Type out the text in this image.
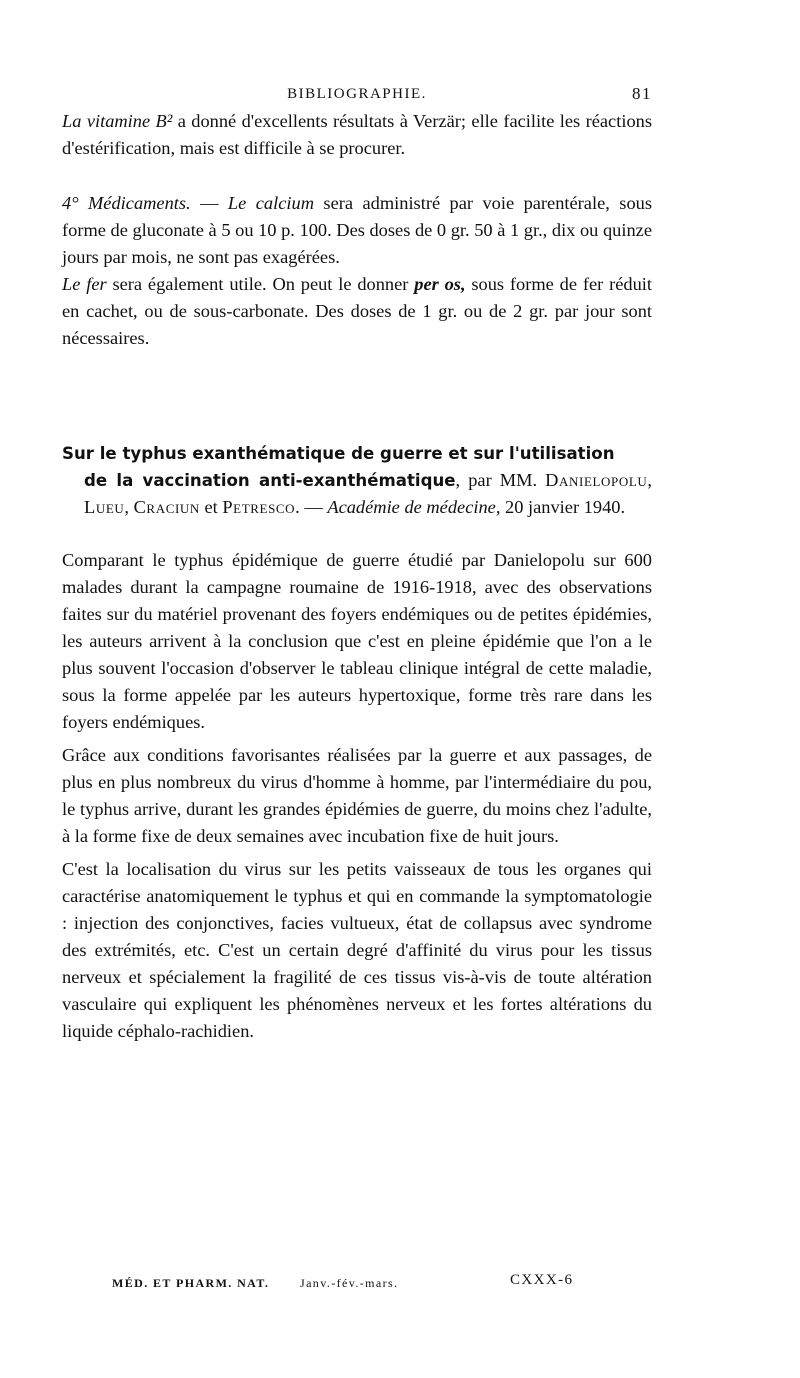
BIBLIOGRAPHIE.	81

La vitamine B² a donné d'excellents résultats à Verzär; elle facilite les réactions d'estérification, mais est difficile à se procurer.

4° Médicaments. — Le calcium sera administré par voie parentérale, sous forme de gluconate à 5 ou 10 p. 100. Des doses de 0 gr. 50 à 1 gr., dix ou quinze jours par mois, ne sont pas exagérées.

Le fer sera également utile. On peut le donner per os, sous forme de fer réduit en cachet, ou de sous-carbonate. Des doses de 1 gr. ou de 2 gr. par jour sont nécessaires.

Sur le typhus exanthématique de guerre et sur l'utilisation
de la vaccination anti-exanthématique, par MM. Danielopolu, Lueu, Craciun et Petresco. — Académie de médecine, 20 janvier 1940.

Comparant le typhus épidémique de guerre étudié par Danielopolu sur 600 malades durant la campagne roumaine de 1916-1918, avec des observations faites sur du matériel provenant des foyers endémiques ou de petites épidémies, les auteurs arrivent à la conclusion que c'est en pleine épidémie que l'on a le plus souvent l'occasion d'observer le tableau clinique intégral de cette maladie, sous la forme appelée par les auteurs hypertoxique, forme très rare dans les foyers endémiques.

Grâce aux conditions favorisantes réalisées par la guerre et aux passages, de plus en plus nombreux du virus d'homme à homme, par l'intermédiaire du pou, le typhus arrive, durant les grandes épidémies de guerre, du moins chez l'adulte, à la forme fixe de deux semaines avec incubation fixe de huit jours.

C'est la localisation du virus sur les petits vaisseaux de tous les organes qui caractérise anatomiquement le typhus et qui en commande la symptomatologie : injection des conjonctives, facies vultueux, état de collapsus avec syndrome des extrémités, etc. C'est un certain degré d'affinité du virus pour les tissus nerveux et spécialement la fragilité de ces tissus vis-à-vis de toute altération vasculaire qui expliquent les phénomènes nerveux et les fortes altérations du liquide céphalo-rachidien.

MÉD. ET PHARM. NAT.	Janv.-fév.-mars.	CXXX-6
